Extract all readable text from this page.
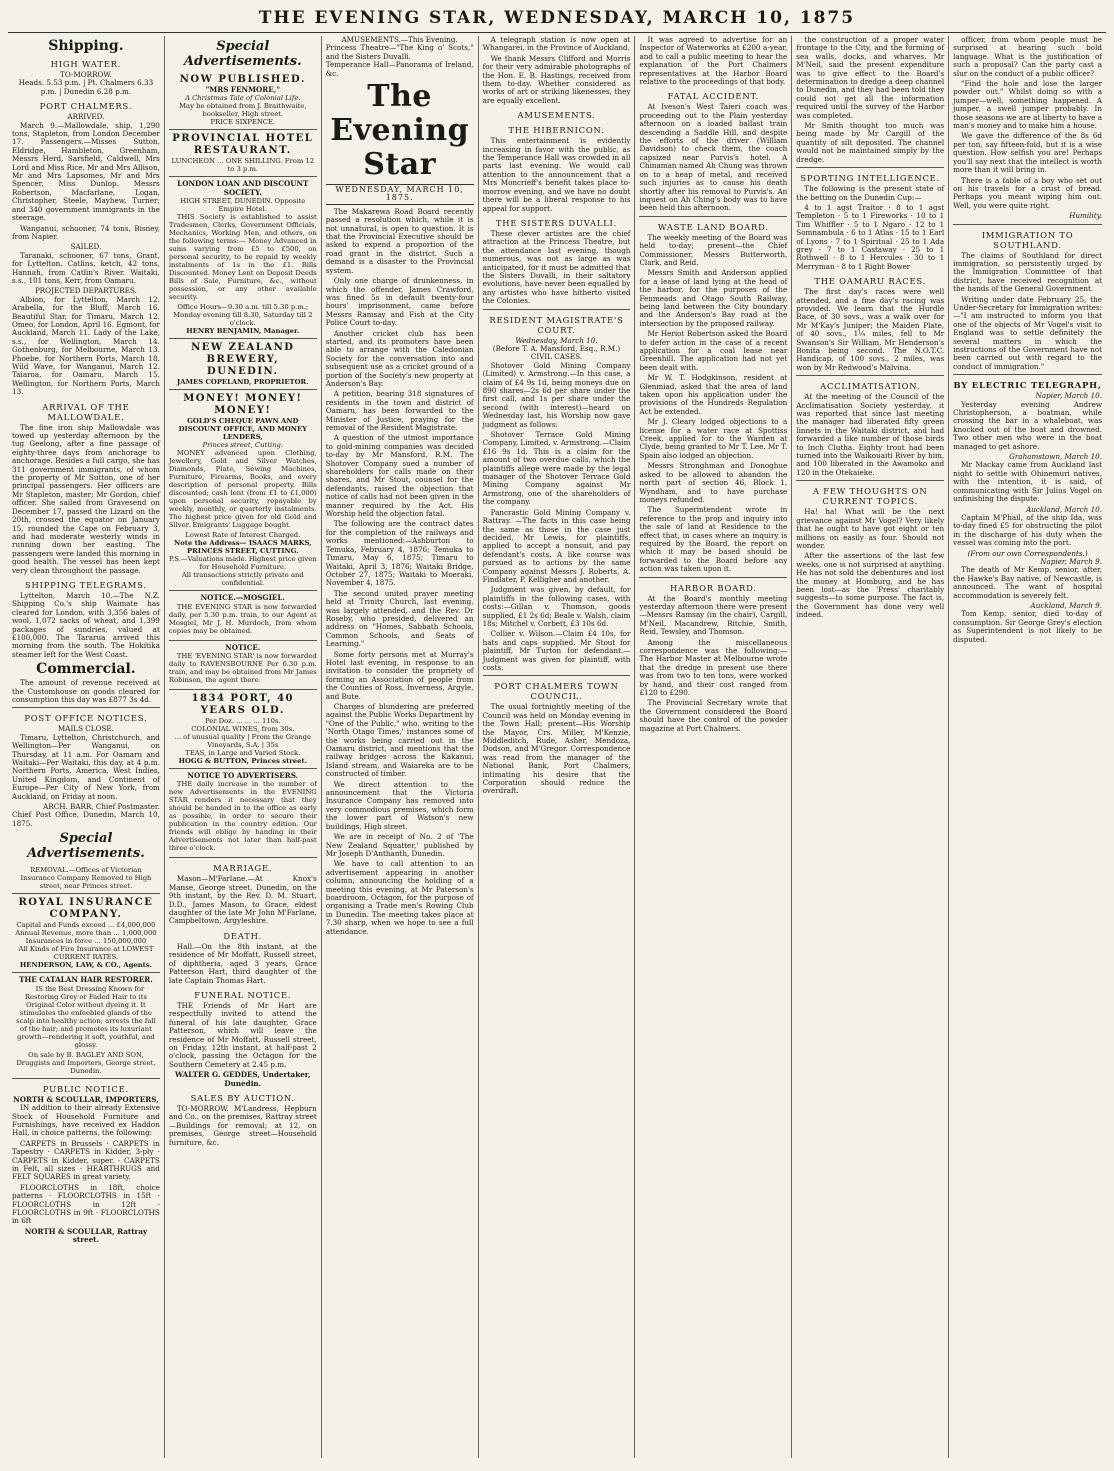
THE EVENING STAR, WEDNESDAY, MARCH 10, 1875
Shipping.
HIGH WATER.
TO-MORROW.
Heads. 5.53 p.m. | Pt. Chalmers 6.33 p.m. | Dunedin 6.28 p.m.
PORT CHALMERS.
ARRIVED.

March 9.—Mallowdale, ship, 1,290 tons, Stapleton, from London December 17. Passengers.—Misses Sutton, Eldridge, Hambleton, Greenham, Messrs Herd, Sarsfield, Caldwell, Mrs Lord and Miss Rice, Mr and Mrs Allison, Mr and Mrs Lapsomes, Mr and Mrs Spencer, Miss Dunlop. Messrs Robertson, Macfarlane, Logan, Christopher, Steele, Mayhew, Turner; and 340 government immigrants in the steerage.

Wanganui, schooner, 74 tons, Bisney, from Napier.

SAILED.

Taranaki, schooner, 67 tons, Grant, for Lyttelton. Catlins, ketch, 42 tons, Hannah, from Catlin's River. Waitaki, s.s., 101 tons, Kerr, from Oamaru.

PROJECTED DEPARTURES.

Albion, for Lyttelton, March 12. Arabella, for the Bluff, March 16. Beautiful Star, for Timaru, March 12. Omeo, for London, April 16. Egmont, for Auckland, March 11. Lady of the Lake, s.s., for Wellington, March 14. Gothenburg, for Melbourne, March 13. Phoebe, for Northern Ports, March 18. Wild Wave, for Wanganui, March 12. Taiaroa, for Oamaru, March 15. Wellington, for Northern Ports, March 13.

ARRIVAL OF THE MALLOWDALE.

The fine iron ship Mallowdale was towed up yesterday afternoon by the tug Geelong, after a fine passage of eighty-three days from anchorage to anchorage. Besides a full cargo, she has 311 government immigrants, of whom the property of Mr Sutton, one of her principal passengers. Her officers are Mr Stapleton, master; Mr Gordon, chief officer. She sailed from Gravesend on December 17, passed the Lizard on the 20th, crossed the equator on January 15, rounded the Cape on February 3, and had moderate westerly winds in running down her easting. The passengers were landed this morning in good health. The vessel has been kept very clean throughout the passage.

SHIPPING TELEGRAMS.

Lyttelton, March 10.—The N.Z. Shipping Co.'s ship Waimate has cleared for London, with 3,356 bales of wool, 1,072 sacks of wheat, and 1,399 packages of sundries, valued at £100,000. The Tararua arrived this morning from the south. The Hokitika steamer left for the West Coast.

Commercial.

The amount of revenue received at the Customhouse on goods cleared for consumption this day was £877 3s 4d.

POST OFFICE NOTICES.
MAILS CLOSE.

Timaru, Lyttelton, Christchurch, and Wellington—Per Wanganui, on Thursday, at 11 a.m. For Oamaru and Waitaki—Per Waitaki, this day, at 4 p.m. Northern Ports, America, West Indies, United Kingdom, and Continent of Europe—Per City of New York, from Auckland, on Friday at noon.

ARCH. BARR, Chief Postmaster.
Chief Post Office, Dunedin, March 10, 1875.
Special Advertisements.
REMOVAL.—Offices of Victorian Insurance Company Removed to High street, near Princes street.
ROYAL INSURANCE COMPANY.
Capital and Funds exceed ... £4,000,000
Annual Revenue, more than ... 1,000,000
Insurances in force ... 150,000,000
All Kinds of Fire Insurance at LOWEST CURRENT RATES.
HENDERSON, LAW, & CO., Agents.
THE CATALAN HAIR RESTORER.

IS the Best Dressing Known for Restoring Grey or Faded Hair to its Original Color without dyeing it. It stimulates the enfeebled glands of the scalp into healthy action; arrests the fall of the hair; and promotes its luxuriant growth—rendering it soft, youthful, and glossy.

On sale by B. BAGLEY AND SON, Druggists and Importers, George street, Dunedin.
PUBLIC NOTICE.
NORTH & SCOULLAR, IMPORTERS,

IN addition to their already Extensive Stock of Household Furniture and Furnishings, have received ex Haddon Hall, in choice patterns, the following:

CARPETS in Brussels · CARPETS in Tapestry · CARPETS in Kidder, 3-ply · CARPETS in Kidder, super. · CARPETS in Felt, all sizes · HEARTHRUGS and FELT SQUARES in great variety.

FLOORCLOTHS in 18ft, choice patterns · FLOORCLOTHS in 15ft · FLOORCLOTHS in 12ft · FLOORCLOTHS in 9ft · FLOORCLOTHS in 6ft

NORTH & SCOULLAR, Rattray street.
Special Advertisements.
NOW PUBLISHED.
"MRS FENMORE,"
A Christmas Tale of Colonial Life.
May be obtained from J. Braithwaite, bookseller, High street.
PRICE SIXPENCE.
PROVINCIAL HOTEL RESTAURANT.
LUNCHEON ... ONE SHILLING. From 12 to 3 p.m.
LONDON LOAN AND DISCOUNT SOCIETY.
HIGH STREET, DUNEDIN. Opposite Empire Hotel.

THIS Society is established to assist Tradesmen, Clerks, Government Officials, Mechanics, Working Men, and others, on the following terms:— Money Advanced in sums varying from £5 to £500, on personal security, to be repaid by weekly instalments of 1s in the £1. Bills Discounted. Money Lent on Deposit Deeds Bills of Sale, Furniture, &c., without possession, or any other available security.

Office Hours—9.30 a.m. till 5.30 p.m.; Monday evening till 8.30, Saturday till 2 o'clock.
HENRY BENJAMIN, Manager.
NEW ZEALAND BREWERY, DUNEDIN.
JAMES COPELAND, PROPRIETOR.
MONEY! MONEY! MONEY!
GOLD'S CHEQUE PAWN AND DISCOUNT OFFICE, AND MONEY LENDERS,
Princes street, Cutting.

MONEY advanced upon Clothing, Jewellery, Gold and Silver Watches, Diamonds, Plate, Sewing Machines, Furniture, Firearms, Books, and every description of personal property. Bills discounted; cash lent (from £1 to £1,000) upon personal security, repayable by weekly, monthly, or quarterly instalments. The highest price given for old Gold and Silver. Emigrants' Luggage bought.

Lowest Rate of Interest Charged.
Note the Address— ISAACS MARKS, PRINCES STREET, CUTTING.
P.S.—Valuations made. Highest price given for Household Furniture.
All transactions strictly private and confidential.
NOTICE.—MOSGIEL.

THE EVENING STAR is now forwarded daily, per 5.30 p.m. train, to our Agent at Mosgiel, Mr J. H. Murdoch, from whom copies may be obtained.

NOTICE.

THE 'EVENING STAR' is now forwarded daily to RAVENSBOURNE Per 6.30 p.m. train, and may be obtained from Mr James Robinson, the agent there.

1834 PORT, 40 YEARS OLD.
Per Doz. ... ... ... 110s.
COLONIAL WINES, from 30s.
... of unusual quality | From the Grange Vineyards, S.A. | 35s
TEAS, in Large and Varied Stock.
HOGG & BUTTON, Princes street.
NOTICE TO ADVERTISERS.

THE daily increase in the number of new Advertisements in the EVENING STAR renders it necessary that they should be handed in to the office as early as possible, in order to secure their publication in the country edition. Our friends will oblige by handing in their Advertisements not later than half-past three o'clock.

MARRIAGE.

Mason—M'Farlane.—At Knox's Manse, George street, Dunedin, on the 9th instant, by the Rev. D. M. Stuart, D.D., James Mason, to Grace, eldest daughter of the late Mr John M'Farlane, Campbeltown, Argyleshire.

DEATH.

Hall.—On the 8th instant, at the residence of Mr Moffatt, Russell street, of diphtheria, aged 3 years, Grace Patterson Hart, third daughter of the late Captain Thomas Hart.

FUNERAL NOTICE.

THE Friends of Mr Hart are respectfully invited to attend the funeral of his late daughter, Grace Patterson, which will leave the residence of Mr Moffatt, Russell street, on Friday, 12th instant, at half-past 2 o'clock, passing the Octagon for the Southern Cemetery at 2.45 p.m.

WALTER G. GEDDES, Undertaker, Dunedin.
SALES BY AUCTION.

TO-MORROW. M'Landress, Hepburn and Co., on the premises, Rattray street—Buildings for removal; at 12, on premises, George street—Household furniture, &c.

AMUSEMENTS.—This Evening.
Princess Theatre—"The King o' Scots," and the Sisters Duvalli.
Temperance Hall—Panorama of Ireland, &c.
The Evening Star
WEDNESDAY, MARCH 10, 1875.

The Makarewa Road Board recently passed a resolution which, while it is not unnatural, is open to question. It is that the Provincial Executive should be asked to expend a proportion of the road grant in the district. Such a demand is a disaster to the Provincial system.

Only one charge of drunkenness, in which the offender, James Crawford, was fined 5s in default twenty-four hours' imprisonment, came before Messrs Ramsay and Fish at the City Police Court to-day.

Another cricket club has been started, and its promoters have been able to arrange with the Caledonian Society for the conversation into and subsequent use as a cricket ground of a portion of the Society's new property at Anderson's Bay.

A petition, bearing 318 signatures of residents in the town and district of Oamaru, has been forwarded to the Minister of Justice, praying for the removal of the Resident Magistrate.

A question of the utmost importance to gold-mining companies was decided to-day by Mr Mansford, R.M. The Shotover Company sued a number of shareholders for calls made on their shares, and Mr Stout, counsel for the defendants, raised the objection that notice of calls had not been given in the manner required by the Act. His Worship held the objection fatal.

The following are the contract dates for the completion of the railways and works mentioned:—Ashburton to Temuka, February 4, 1876; Temuka to Timaru, May 6, 1875; Timaru to Waitaki, April 3, 1876; Waitaki Bridge, October 27, 1875; Waitaki to Moeraki, November 4, 1875.

The second united prayer meeting held at Trinity Church, last evening, was largely attended, and the Rev. Dr Roseby, who presided, delivered an address on "Homes, Sabbath Schools, Common Schools, and Seats of Learning."

Some forty persons met at Murray's Hotel last evening, in response to an invitation to consider the propriety of forming an Association of people from the Counties of Ross, Inverness, Argyle, and Bute.

Charges of blundering are preferred against the Public Works Department by "One of the Public," who, writing to the 'North Otago Times,' instances some of the works being carried out in the Oamaru district, and mentions that the railway bridges across the Kakanui, Island stream, and Waiareka are to be constructed of timber.

We direct attention to the announcement that the Victoria Insurance Company has removed into very commodious premises, which form the lower part of Watson's new buildings, High street.

We are in receipt of No. 2 of 'The New Zealand Squatter,' published by Mr Joseph D'Anthanth, Dunedin.

We have to call attention to an advertisement appearing in another column, announcing the holding of a meeting this evening, at Mr Paterson's boardroom, Octagon, for the purpose of organising a Trade men's Rowing Club in Dunedin. The meeting takes place at 7.30 sharp, when we hope to see a full attendance.

A telegraph station is now open at Whangarei, in the Province of Auckland.

We thank Messrs Clifford and Morris for their very admirable photographs of the Hon. E. B. Hastings, received from them to-day. Whether considered as works of art or striking likenesses, they are equally excellent.

AMUSEMENTS.
THE HIBERNICON.

This entertainment is evidently increasing in favor with the public, as the Temperance Hall was crowded in all parts last evening. We would call attention to the announcement that a Mrs Moncrieff's benefit takes place to-morrow evening, and we have no doubt there will be a liberal response to his appeal for support.

THE SISTERS DUVALLI.

These clever artistes are the chief attraction at the Princess Theatre, but the attendance last evening, though numerous, was not as large as was anticipated, for it must be admitted that the Sisters Duvalli, in their saltatory evolutions, have never been equalled by any artistes who have hitherto visited the Colonies.

RESIDENT MAGISTRATE'S COURT.
Wednesday, March 10.
(Before T. A. Mansford, Esq., R.M.)
CIVIL CASES.

Shotover Gold Mining Company (Limited) v. Armstrong.—In this case, a claim of £4 9s 1d, being moneys due on 890 shares—2s 6d per share under the first call, and 1s per share under the second (with interest)—heard on Wednesday last, his Worship now gave judgment as follows:

Shotover Terrace Gold Mining Company, Limited, v. Armstrong.—Claim £16 9s 1d. This is a claim for the amount of two overdue calls, which the plaintiffs allege were made by the legal manager of the Shotover Terrace Gold Mining Company against Mr Armstrong, one of the shareholders of the company.

Pancrastic Gold Mining Company v. Rattray. —The facts in this case being the same as those in the case just decided, Mr Lewis, for plaintiffs, applied to accept a nonsuit, and pay defendant's costs. A like course was pursued as to actions by the same Company against Messrs J. Roberts, A. Findlater, P. Kelligher and another.

Judgment was given, by default, for plaintiffs in the following cases, with costs:—Gillan v. Thomson, goods supplied, £1 2s 6d; Beale v. Walsh, claim 18s; Mitchel v. Corbett, £3 10s 6d.

Collier v. Wilson.—Claim £4 10s, for hats and caps supplied. Mr Stout for plaintiff, Mr Turton for defendant.—Judgment was given for plaintiff, with costs.

PORT CHALMERS TOWN COUNCIL.

The usual fortnightly meeting of the Council was held on Monday evening in the Town Hall; present—His Worship the Mayor, Crs. Miller, M'Kenzie, Middleditch, Rude, Asher, Mendoza, Dodson, and M'Gregor. Correspondence was read from the manager of the National Bank, Port Chalmers, intimating his desire that the Corporation should reduce the overdraft.

It was agreed to advertise for an Inspector of Waterworks at £200 a-year, and to call a public meeting to hear the explanation of the Port Chalmers representatives at the Harbor Board relative to the proceedings of that body.

FATAL ACCIDENT.

At Iveson's West Taieri coach was proceeding out to the Plain yesterday afternoon on a loaded ballast train descending a Saddle Hill, and despite the efforts of the driver (William Davidson) to check them, the coach capsized near Purvis's hotel. A Chinaman named Ah Chung was thrown on to a heap of metal, and received such injuries as to cause his death shortly after his removal to Purvis's. An inquest on Ah Ching's body was to have been held this afternoon.

WASTE LAND BOARD.

The weekly meeting of the Board was held to-day; present—the Chief Commissioner, Messrs Butterworth, Clark, and Reid.

Messrs Smith and Anderson applied for a lease of land lying at the head of the harbor, for the purposes of the Fenmeads and Otago South Railway, being land between the City boundary and the Anderson's Bay road at the intersection by the proposed railway.

Mr Heriot Robertson asked the Board to defer action in the case of a recent application for a coal lease near Greenhill. The application had not yet been dealt with.

Mr W. T. Hodgkinson, resident at Glenmiad, asked that the area of land taken upon his application under the provisions of the Hundreds Regulation Act be extended.

Mr J. Cleary lodged objections to a license for a water race at Spottiss Creek, applied for to the Warden at Clyde, being granted to Mr T. Lee. Mr T. Spain also lodged an objection.

Messrs Stronghman and Donoghue asked to be allowed to abandon the north part of section 46, Block 1, Wyndham, and to have purchase moneys refunded.

The Superintendent wrote in reference to the prop and inquiry into the sale of land at Residence to the effect that, in cases where an inquiry is required by the Board, the report on which it may be based should be forwarded to the Board before any action was taken upon it.

HARBOR BOARD.

At the Board's monthly meeting yesterday afternoon there were present—Messrs Ramsay (in the chair), Cargill, M'Neil, Macandrew, Ritchie, Smith, Reid, Tewsley, and Thomson.

Among the miscellaneous correspondence was the following:—The Harbor Master at Melbourne wrote that the dredge in present use there was from two to ten tons, were worked by hand, and their cost ranged from £120 to £290.

The Provincial Secretary wrote that the Government considered the Board should have the control of the powder magazine at Port Chalmers.

the construction of a proper water frontage to the City, and the forming of sea walls, docks, and wharves. Mr M'Neil, said the present expenditure was to give effect to the Board's determination to dredge a deep channel to Dunedin, and they had been told they could not get all the information required until the survey of the Harbor was completed.

Mr Smith thought too much was being made by Mr Cargill of the quantity of silt deposited. The channel would not be maintained simply by the dredge.

SPORTING INTELLIGENCE.

The following is the present state of the betting on the Dunedin Cup:—

4 to 1 agst Traitor · 8 to 1 agst Templeton · 5 to 1 Fireworks · 10 to 1 Tim Whiffler · 5 to 1 Ngaro · 12 to 1 Somnambula · 6 to 1 Atlas · 15 to 1 Earl of Lyons · 7 to 1 Spiritual · 25 to 1 Ada grey · 7 to 1 Castaway · 25 to 1 Rothwell · 8 to 1 Hercules · 30 to 1 Merryman · 8 to 1 Right Bower

THE OAMARU RACES.

The first day's races were well attended, and a fine day's racing was provided. We learn that the Hurdle Race, of 30 sovs., was a walk over for Mr M'Kay's Juniper; the Maiden Plate, of 40 sovs., 1¼ miles, fell to Mr Swanson's Sir William, Mr Henderson's Bonita being second. The N.O.T.C. Handicap, of 100 sovs., 2 miles, was won by Mr Redwood's Malvina.

ACCLIMATISATION.

At the meeting of the Council of the Acclimatisation Society yesterday, it was reported that since last meeting the manager had liberated fifty green linnets in the Waitaki district, and had forwarded a like number of those birds to Inch Clutha. Eighty trout had been turned into the Waikouaiti River by him, and 100 liberated in the Awamoko and 120 in the Otekaieke.

A FEW THOUGHTS ON CURRENT TOPICS.

Ha! ha! What will be the next grievance against Mr Vogel? Very likely that he ought to have got eight or ten millions on easily as four. Should not wonder.

After the assertions of the last few weeks, one is not surprised at anything. He has not sold the debentures and lost the money at Homburg, and he has been lost—as the 'Press' charitably suggests—to some purpose. The fact is, the Government has done very well indeed.

officer, from whom people must be surprised at hearing such bold language. What is the justification of such a proposal? Can the party cast a slur on the conduct of a public officer?

"Find the hole and lose the larger powder out." Whilst doing so with a jumper—well, something happened. A jumper, a swell jumper probably. In those seasons we are at liberty to have a man's money and to make him a house.

We gave the difference of the 8s 6d per ton, say fifteen-fold, but it is a wise question. How selfish you are! Perhaps you'll say next that the intellect is worth more than it will bring in.

There is a fable of a boy who set out on his travels for a crust of bread. Perhaps you meant wiping him out. Well, you were quite right.

Humility.
IMMIGRATION TO SOUTHLAND.

The claims of Southland for direct immigration, so persistently urged by the Immigration Committee of that district, have received recognition at the hands of the General Government.

Writing under date February 25, the Under-Secretary for Immigration writes:—"I am instructed to inform you that one of the objects of Mr Vogel's visit to England was to settle definitely the several matters in which the instructions of the Government have not been carried out with regard to the conduct of immigration."

BY ELECTRIC TELEGRAPH,
Napier, March 10.

Yesterday evening Andrew Christopherson, a boatman, while crossing the bar in a whaleboat, was knocked out of the boat and drowned. Two other men who were in the boat managed to get ashore.

Grahamstown, March 10.

Mr Mackay came from Auckland last night to settle with Ohinemuri natives, with the intention, it is said, of communicating with Sir Julius Vogel on unfinishing the dispute.

Auckland, March 10.

Captain M'Phail, of the ship Ida, was to-day fined £5 for obstructing the pilot in the discharge of his duty when the vessel was coming into the port.

(From our own Correspondents.)
Napier, March 9.

The death of Mr Kemp, senior, after, the Hawke's Bay native, of Newcastle, is announced. The want of hospital accommodation is severely felt.

Auckland, March 9.

Tom Kemp, senior, died to-day of consumption. Sir George Grey's election as Superintendent is not likely to be disputed.
